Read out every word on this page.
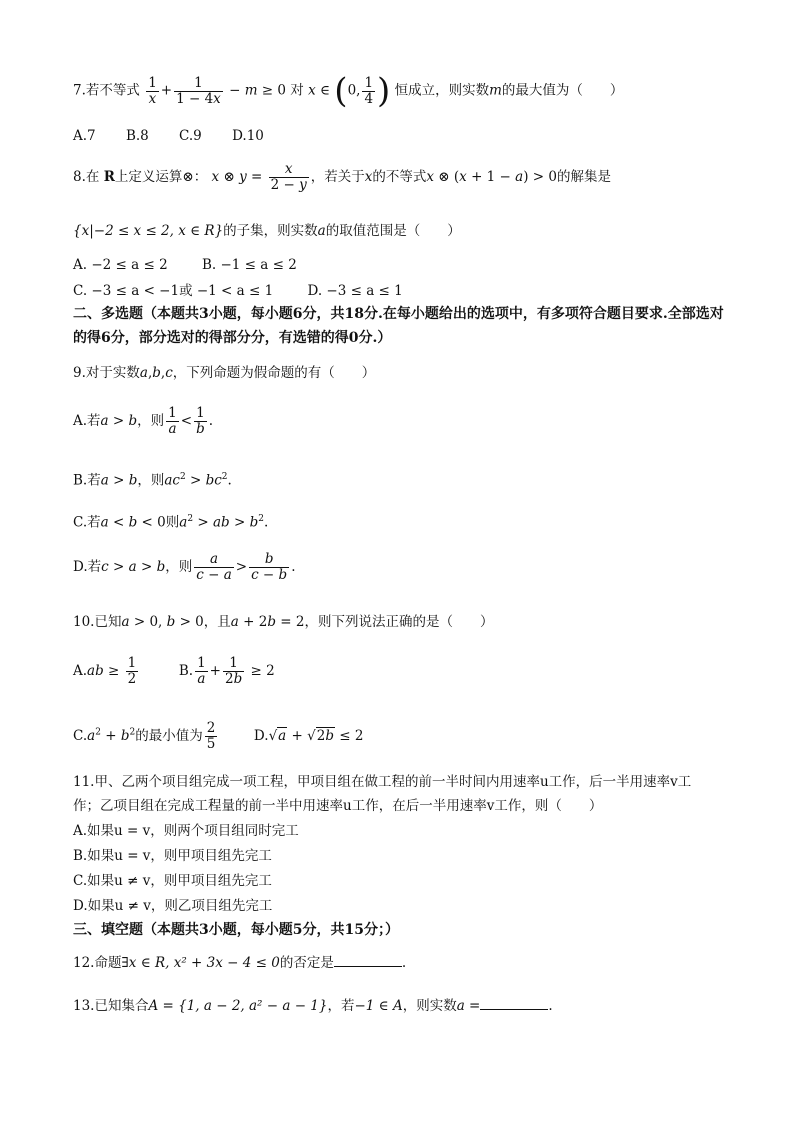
7.若不等式 $\frac{1}{x} + \frac{1}{1 - 4x} - m \ge 0$ 对 x ∈ (0, $\frac{1}{4}$ ) 恒成立，则实数m的最大值为（　　）
A.7 B.8 C.9 D.10
8.在 R上定义运算⊗： x ⊗ $y = \frac{x}{2 - y}$ ，若关于x的不等式x ⊗ (x + 1 − a) > 0的解集是
{x|−2 ≤ x ≤ 2, x ∈ R}的子集，则实数a的取值范围是（　　）
A. −2 ≤ a ≤ 2	B. −1 ≤ a ≤ 2
C. −3 ≤ a < −1或 −1 < a ≤ 1	D. −3 ≤ a ≤ 1
二、多选题（本题共3小题，每小题6分，共18分.在每小题给出的选项中，有多项符合题目要求.全部选对的得6分，部分选对的得部分分，有选错的得0分.）
9.对于实数a,b,c，下列命题为假命题的有（　　）
A.若a > b，则 $\frac{1}{a} < \frac{1}{b}$ .
B.若a > b，则$ac^2 > bc^2$.
C.若a < b < 0则$a^2$ > ab > $b^2$.
D.若c > a > b，则 $\frac{a}{c - a} > \frac{b}{c - b}$ .
10.已知a > 0, b > 0，且a + 2b = 2，则下列说法正确的是（　　）
$A.ab \ge \frac{1}{2}$	B. $\frac{1}{a} + \frac{1}{2b} \ge 2$
$C.a^2 + b^2$的最小值为 $\frac{2}{5}$	D.√a + √2b ≤ 2
11.甲、乙两个项目组完成一项工程，甲项目组在做工程的前一半时间内用速率u工作，后一半用速率v工
作；乙项目组在完成工程量的前一半中用速率u工作，在后一半用速率v工作，则（　　）
A.如果u = v，则两个项目组同时完工
B.如果u = v，则甲项目组先完工
C.如果u ≠ v，则甲项目组先完工
D.如果u ≠ v，则乙项目组先完工
三、填空题（本题共3小题，每小题5分，共15分；）
12.命题∃x ∈ R, x² + 3x − 4 ≤ 0的否定是	.
13.已知集合A = {1, a − 2, a² − a − 1}，若−1 ∈ A，则实数a =	.
